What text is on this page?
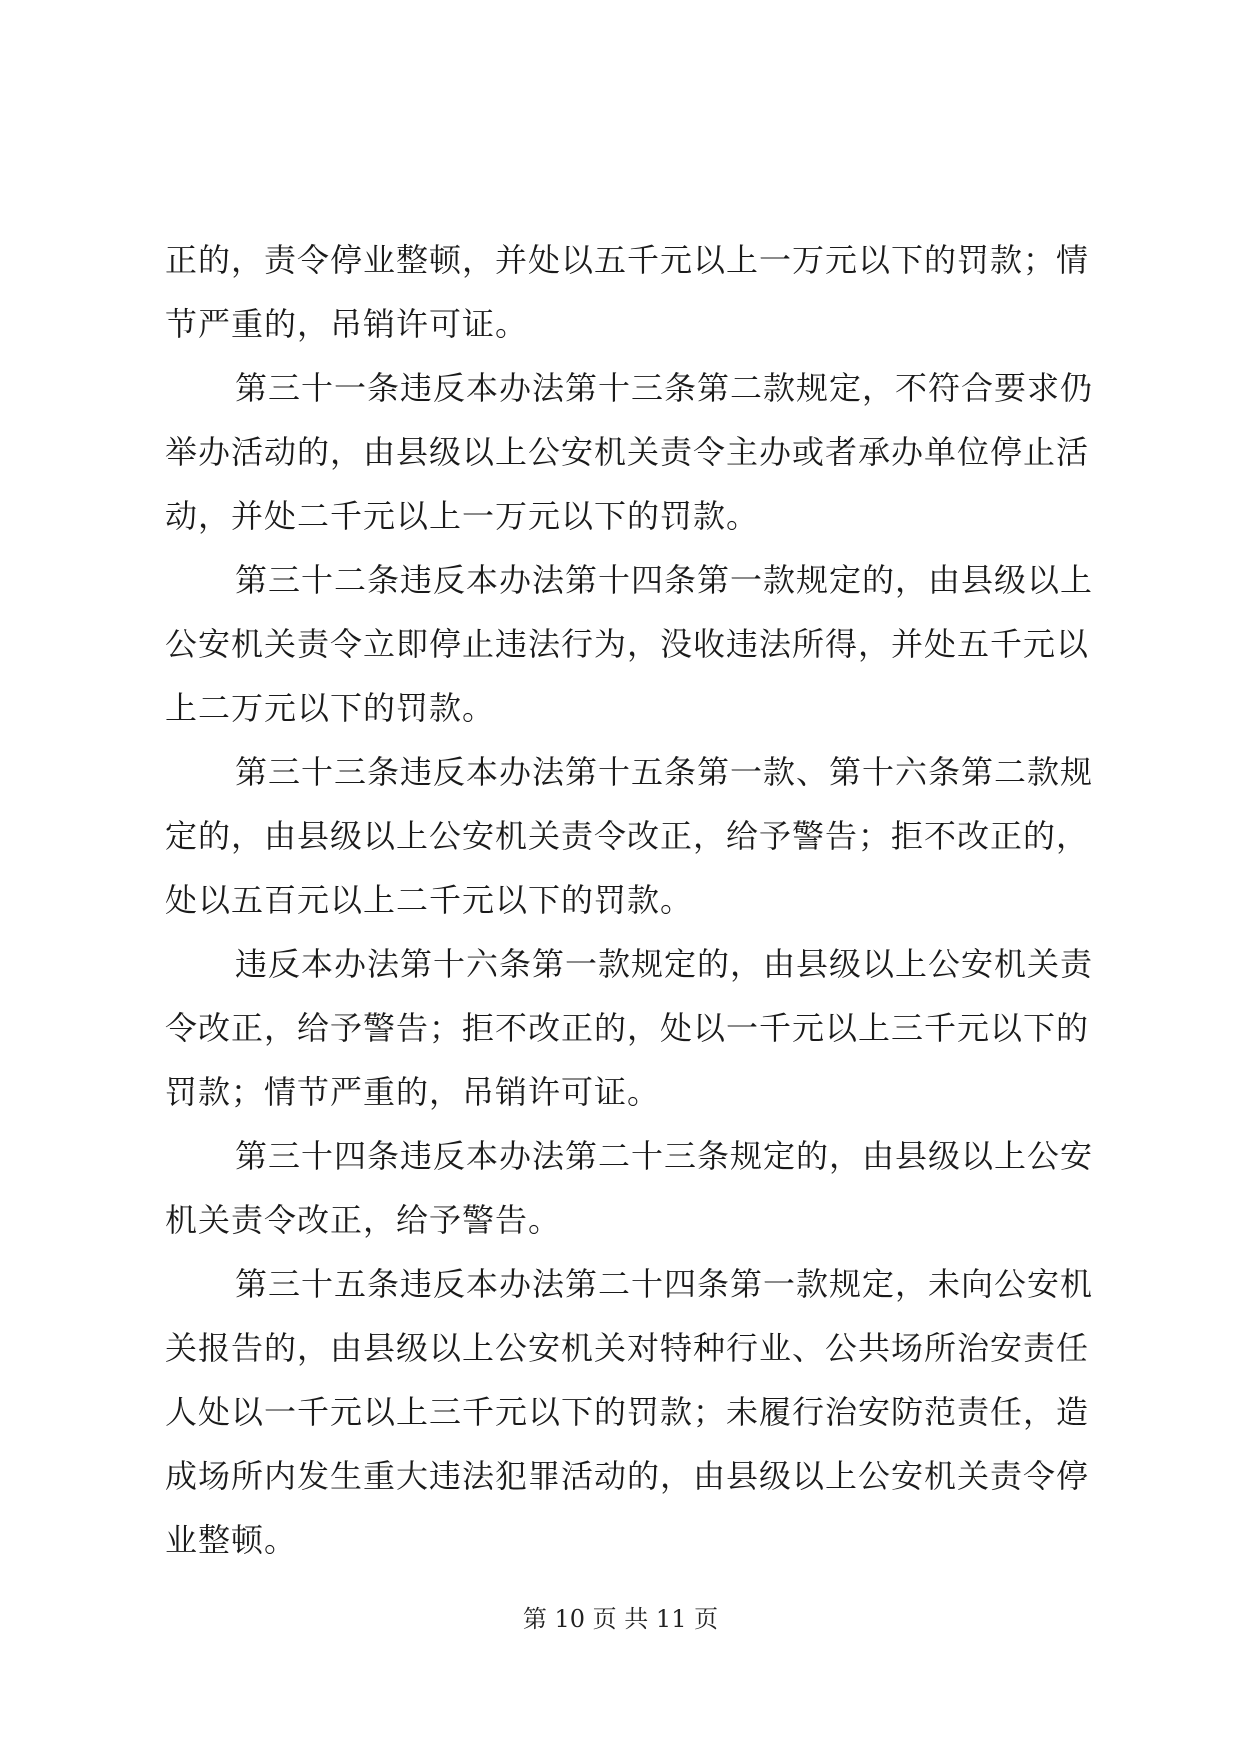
正的，责令停业整顿，并处以五千元以上一万元以下的罚款；情
节严重的，吊销许可证。
第三十一条违反本办法第十三条第二款规定，不符合要求仍
举办活动的，由县级以上公安机关责令主办或者承办单位停止活
动，并处二千元以上一万元以下的罚款。
第三十二条违反本办法第十四条第一款规定的，由县级以上
公安机关责令立即停止违法行为，没收违法所得，并处五千元以
上二万元以下的罚款。
第三十三条违反本办法第十五条第一款、第十六条第二款规
定的，由县级以上公安机关责令改正，给予警告；拒不改正的，
处以五百元以上二千元以下的罚款。
违反本办法第十六条第一款规定的，由县级以上公安机关责
令改正，给予警告；拒不改正的，处以一千元以上三千元以下的
罚款；情节严重的，吊销许可证。
第三十四条违反本办法第二十三条规定的，由县级以上公安
机关责令改正，给予警告。
第三十五条违反本办法第二十四条第一款规定，未向公安机
关报告的，由县级以上公安机关对特种行业、公共场所治安责任
人处以一千元以上三千元以下的罚款；未履行治安防范责任，造
成场所内发生重大违法犯罪活动的，由县级以上公安机关责令停
业整顿。
第 10 页 共 11 页
